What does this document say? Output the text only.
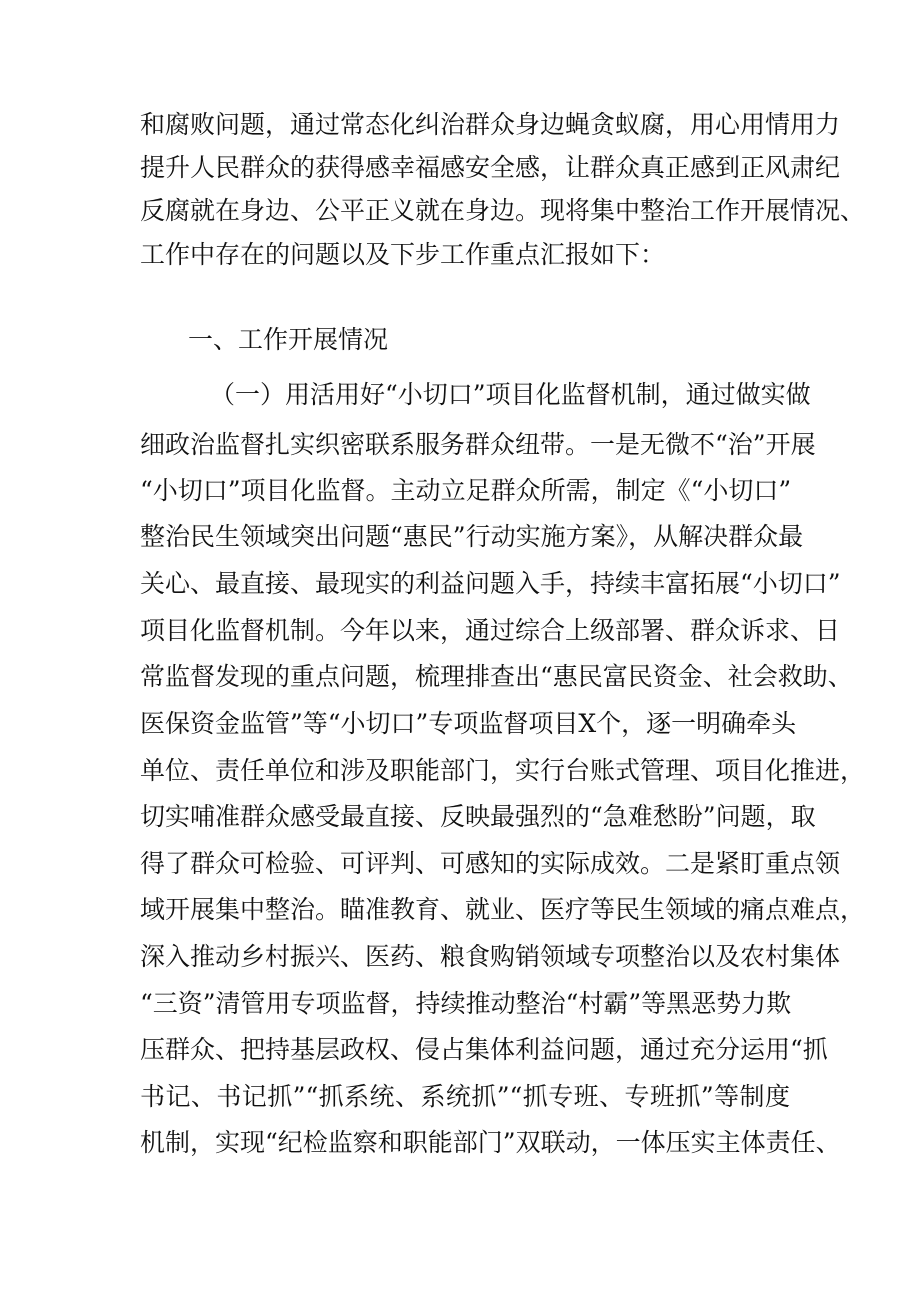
和腐败问题，通过常态化纠治群众身边蝇贪蚁腐，用心用情用力
提升人民群众的获得感幸福感安全感，让群众真正感到正风肃纪
反腐就在身边、公平正义就在身边。现将集中整治工作开展情况、
工作中存在的问题以及下步工作重点汇报如下：
一、工作开展情况
（一）用活用好“小切口”项目化监督机制，通过做实做
细政治监督扎实织密联系服务群众纽带。一是无微不“治”开展
“小切口”项目化监督。主动立足群众所需，制定《“小切口”
整治民生领域突出问题“惠民”行动实施方案》，从解决群众最
关心、最直接、最现实的利益问题入手，持续丰富拓展“小切口”
项目化监督机制。今年以来，通过综合上级部署、群众诉求、日
常监督发现的重点问题，梳理排查出“惠民富民资金、社会救助、
医保资金监管”等“小切口”专项监督项目X个，逐一明确牵头
单位、责任单位和涉及职能部门，实行台账式管理、项目化推进，
切实哺准群众感受最直接、反映最强烈的“急难愁盼”问题，取
得了群众可检验、可评判、可感知的实际成效。二是紧盯重点领
域开展集中整治。瞄准教育、就业、医疗等民生领域的痛点难点，
深入推动乡村振兴、医药、粮食购销领域专项整治以及农村集体
“三资”清管用专项监督，持续推动整治“村霸”等黑恶势力欺
压群众、把持基层政权、侵占集体利益问题，通过充分运用“抓
书记、书记抓”“抓系统、系统抓”“抓专班、专班抓”等制度
机制，实现“纪检监察和职能部门”双联动，一体压实主体责任、
